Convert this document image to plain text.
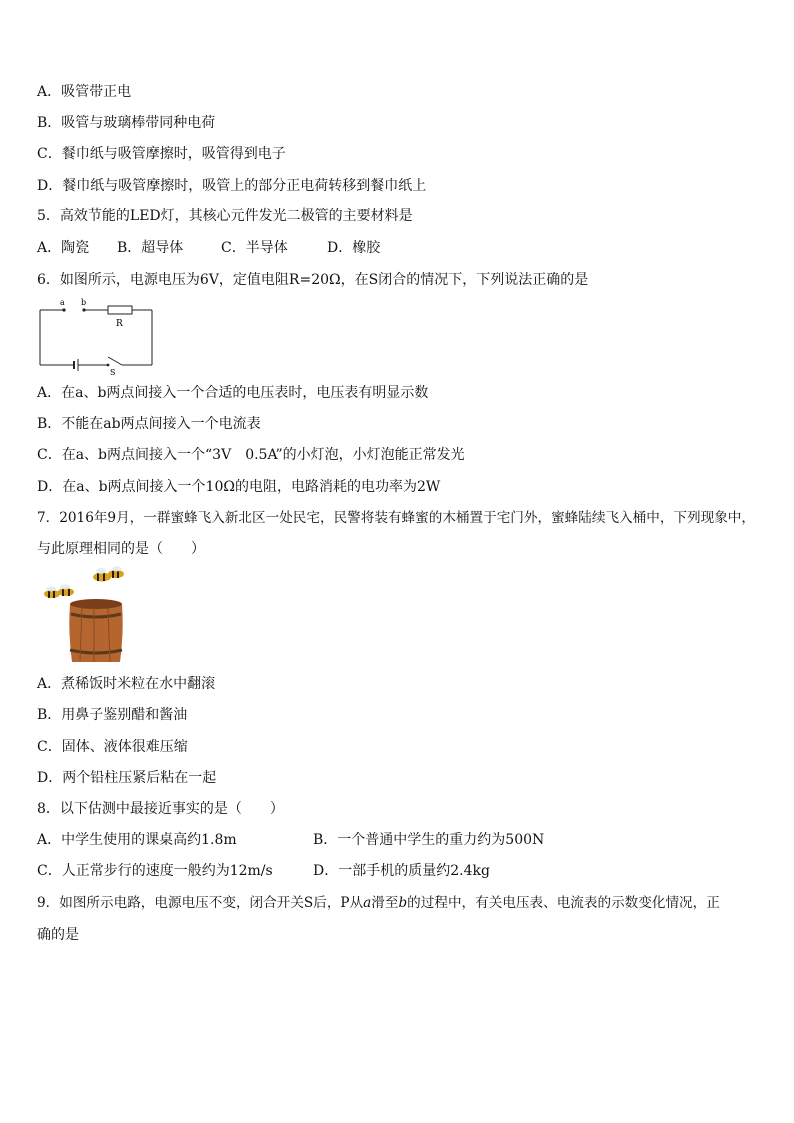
A．吸管带正电
B．吸管与玻璃棒带同种电荷
C．餐巾纸与吸管摩擦时，吸管得到电子
D．餐巾纸与吸管摩擦时，吸管上的部分正电荷转移到餐巾纸上
5．高效节能的LED灯，其核心元件发光二极管的主要材料是
A．陶瓷 B．超导体	C．半导体	D．橡胶
6．如图所示，电源电压为6V，定值电阻R=20Ω，在S闭合的情况下，下列说法正确的是
a b
R
S
A．在a、b两点间接入一个合适的电压表时，电压表有明显示数
B．不能在ab两点间接入一个电流表
C．在a、b两点间接入一个“3V　0.5A”的小灯泡，小灯泡能正常发光
D．在a、b两点间接入一个10Ω的电阻，电路消耗的电功率为2W
7．2016年9月，一群蜜蜂飞入新北区一处民宅，民警将装有蜂蜜的木桶置于宅门外，蜜蜂陆续飞入桶中，下列现象中，
与此原理相同的是（　　）
A．煮稀饭时米粒在水中翻滚
B．用鼻子鉴别醋和酱油
C．固体、液体很难压缩
D．两个铅柱压紧后粘在一起
8．以下估测中最接近事实的是（　　）
A．中学生使用的课桌高约1.8m	B．一个普通中学生的重力约为500N
C．人正常步行的速度一般约为12m/s	D．一部手机的质量约2.4kg
9．如图所示电路，电源电压不变，闭合开关S后，P从a滑至b的过程中，有关电压表、电流表的示数变化情况，正
确的是
